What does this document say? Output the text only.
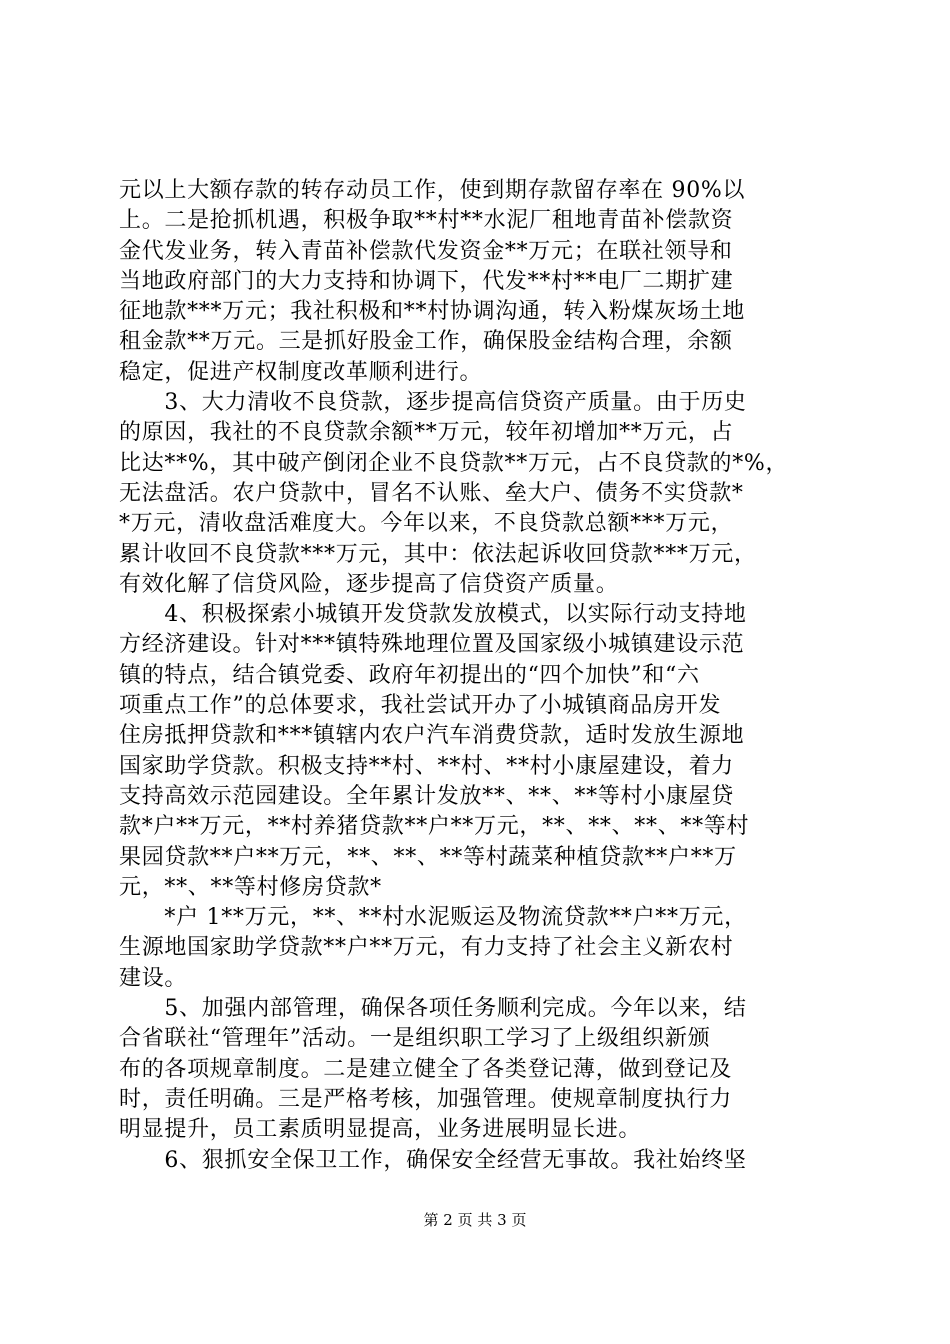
元以上大额存款的转存动员工作，使到期存款留存率在 90%以
上。二是抢抓机遇，积极争取**村**水泥厂租地青苗补偿款资
金代发业务，转入青苗补偿款代发资金**万元；在联社领导和
当地政府部门的大力支持和协调下，代发**村**电厂二期扩建
征地款***万元；我社积极和**村协调沟通，转入粉煤灰场土地
租金款**万元。三是抓好股金工作，确保股金结构合理，余额
稳定，促进产权制度改革顺利进行。
　　3、大力清收不良贷款，逐步提高信贷资产质量。由于历史
的原因，我社的不良贷款余额**万元，较年初增加**万元，占
比达**%，其中破产倒闭企业不良贷款**万元，占不良贷款的*%，
无法盘活。农户贷款中，冒名不认账、垒大户、债务不实贷款*
*万元，清收盘活难度大。今年以来，不良贷款总额***万元，
累计收回不良贷款***万元，其中：依法起诉收回贷款***万元，
有效化解了信贷风险，逐步提高了信贷资产质量。
　　4、积极探索小城镇开发贷款发放模式，以实际行动支持地
方经济建设。针对***镇特殊地理位置及国家级小城镇建设示范
镇的特点，结合镇党委、政府年初提出的“四个加快”和“六
项重点工作”的总体要求，我社尝试开办了小城镇商品房开发
住房抵押贷款和***镇辖内农户汽车消费贷款，适时发放生源地
国家助学贷款。积极支持**村、**村、**村小康屋建设，着力
支持高效示范园建设。全年累计发放**、**、**等村小康屋贷
款*户**万元，**村养猪贷款**户**万元，**、**、**、**等村
果园贷款**户**万元，**、**、**等村蔬菜种植贷款**户**万
元，**、**等村修房贷款*
　　*户 1**万元，**、**村水泥贩运及物流贷款**户**万元，
生源地国家助学贷款**户**万元，有力支持了社会主义新农村
建设。
　　5、加强内部管理，确保各项任务顺利完成。今年以来，结
合省联社“管理年”活动。一是组织职工学习了上级组织新颁
布的各项规章制度。二是建立健全了各类登记薄，做到登记及
时，责任明确。三是严格考核，加强管理。使规章制度执行力
明显提升，员工素质明显提高，业务进展明显长进。
　　6、狠抓安全保卫工作，确保安全经营无事故。我社始终坚
第 2 页 共 3 页
